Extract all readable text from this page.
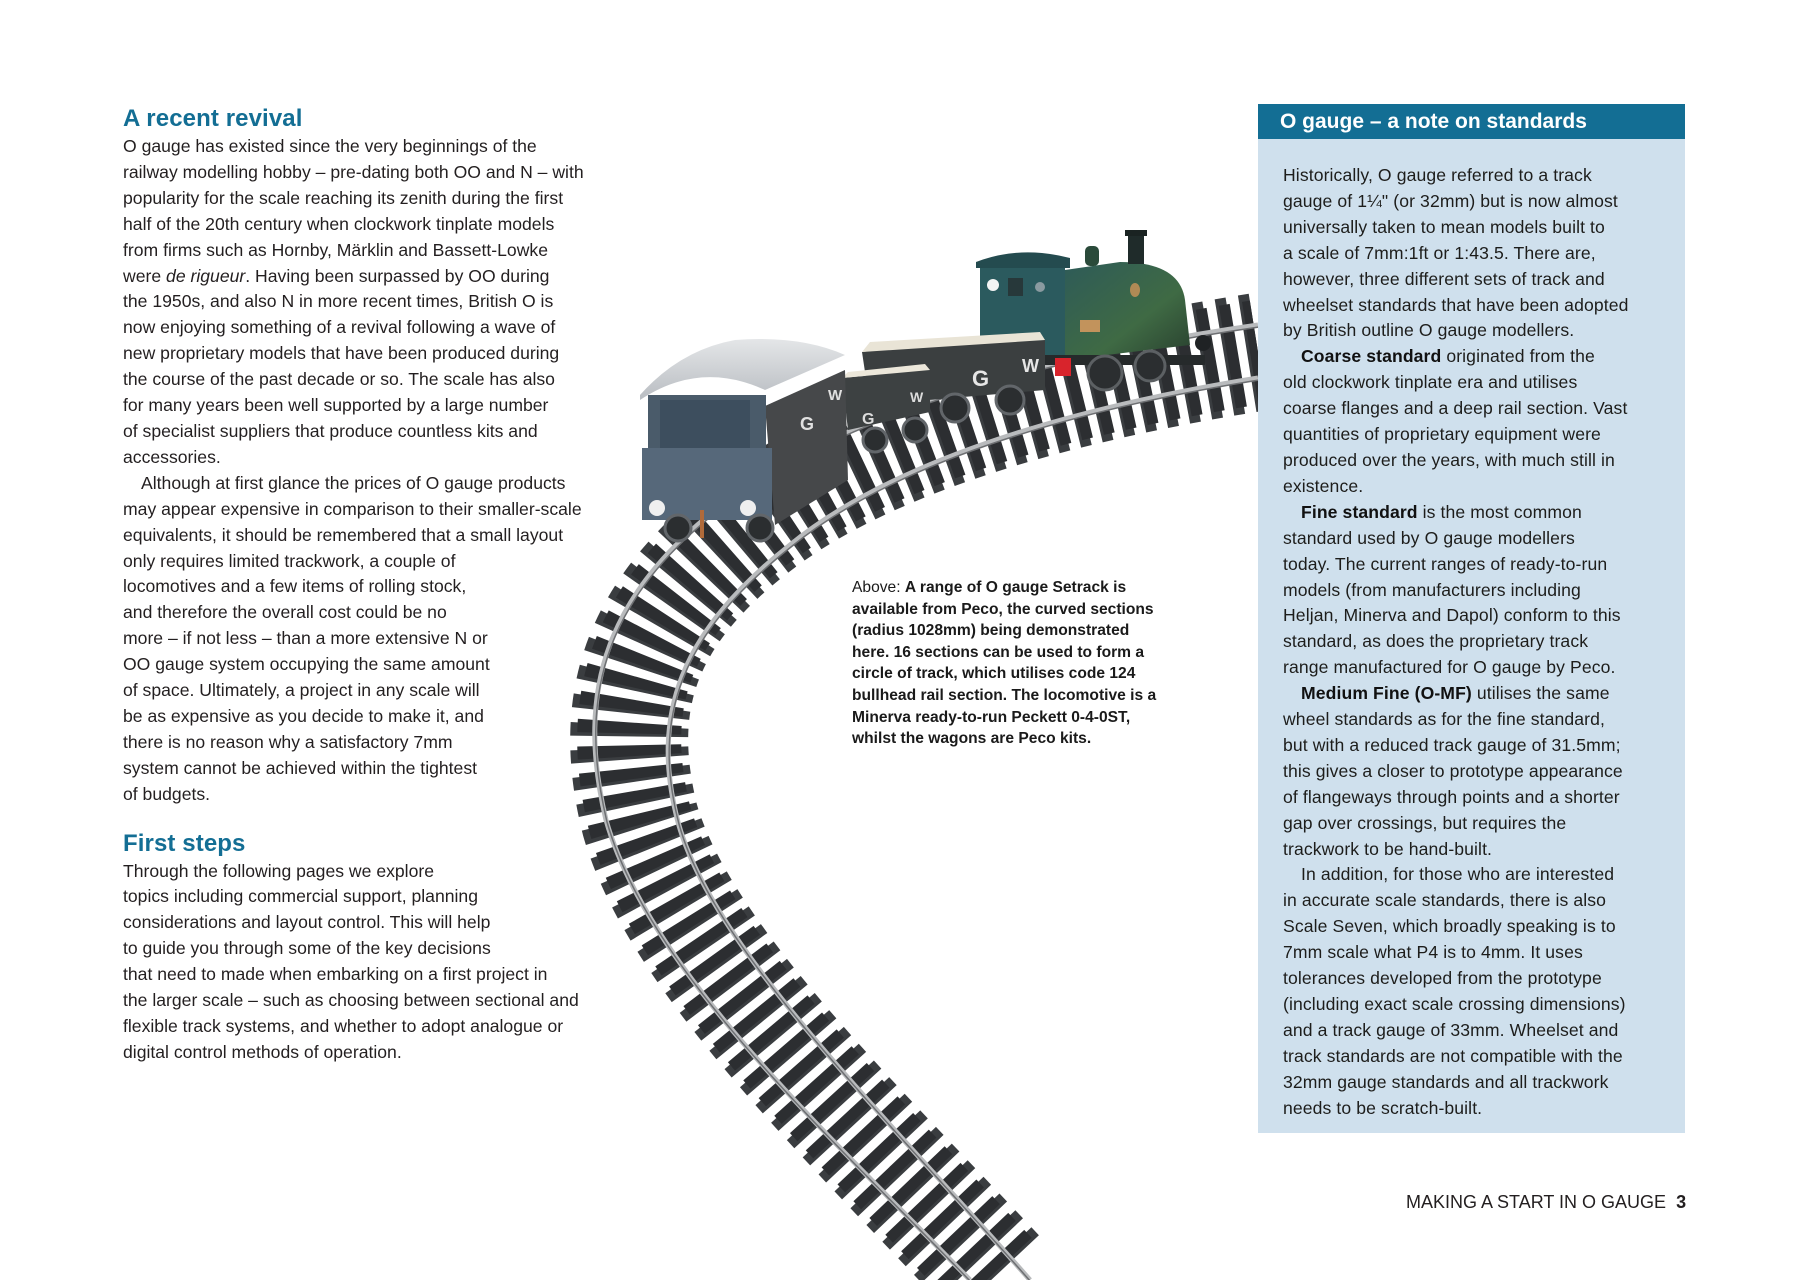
G W
G
W
G
W
A recent revival

O gauge has existed since the very beginnings of the
railway modelling hobby – pre-dating both OO and N – with
popularity for the scale reaching its zenith during the first
half of the 20th century when clockwork tinplate models
from firms such as Hornby, Märklin and Bassett-Lowke
were de rigueur. Having been surpassed by OO during
the 1950s, and also N in more recent times, British O is
now enjoying something of a revival following a wave of
new proprietary models that have been produced during
the course of the past decade or so. The scale has also
for many years been well supported by a large number
of specialist suppliers that produce countless kits and
accessories.

Although at first glance the prices of O gauge products
may appear expensive in comparison to their smaller-scale
equivalents, it should be remembered that a small layout
only requires limited trackwork, a couple of
locomotives and a few items of rolling stock,
and therefore the overall cost could be no
more – if not less – than a more extensive N or
OO gauge system occupying the same amount
of space. Ultimately, a project in any scale will
be as expensive as you decide to make it, and
there is no reason why a satisfactory 7mm
system cannot be achieved within the tightest
of budgets.

First steps

Through the following pages we explore
topics including commercial support, planning
considerations and layout control. This will help
to guide you through some of the key decisions
that need to made when embarking on a first project in
the larger scale – such as choosing between sectional and
flexible track systems, and whether to adopt analogue or
digital control methods of operation.

Above: A range of O gauge Setrack is
available from Peco, the curved sections
(radius 1028mm) being demonstrated
here. 16 sections can be used to form a
circle of track, which utilises code 124
bullhead rail section. The locomotive is a
Minerva ready-to-run Peckett 0-4-0ST,
whilst the wagons are Peco kits.
O gauge – a note on standards
Historically, O gauge referred to a track
gauge of 1¼" (or 32mm) but is now almost
universally taken to mean models built to
a scale of 7mm:1ft or 1:43.5. There are,
however, three different sets of track and
wheelset standards that have been adopted
by British outline O gauge modellers.
Coarse standard originated from the
old clockwork tinplate era and utilises
coarse flanges and a deep rail section. Vast
quantities of proprietary equipment were
produced over the years, with much still in
existence.
Fine standard is the most common
standard used by O gauge modellers
today. The current ranges of ready-to-run
models (from manufacturers including
Heljan, Minerva and Dapol) conform to this
standard, as does the proprietary track
range manufactured for O gauge by Peco.
Medium Fine (O-MF) utilises the same
wheel standards as for the fine standard,
but with a reduced track gauge of 31.5mm;
this gives a closer to prototype appearance
of flangeways through points and a shorter
gap over crossings, but requires the
trackwork to be hand-built.
In addition, for those who are interested
in accurate scale standards, there is also
Scale Seven, which broadly speaking is to
7mm scale what P4 is to 4mm. It uses
tolerances developed from the prototype
(including exact scale crossing dimensions)
and a track gauge of 33mm. Wheelset and
track standards are not compatible with the
32mm gauge standards and all trackwork
needs to be scratch-built.
MAKING A START IN O GAUGE 3
